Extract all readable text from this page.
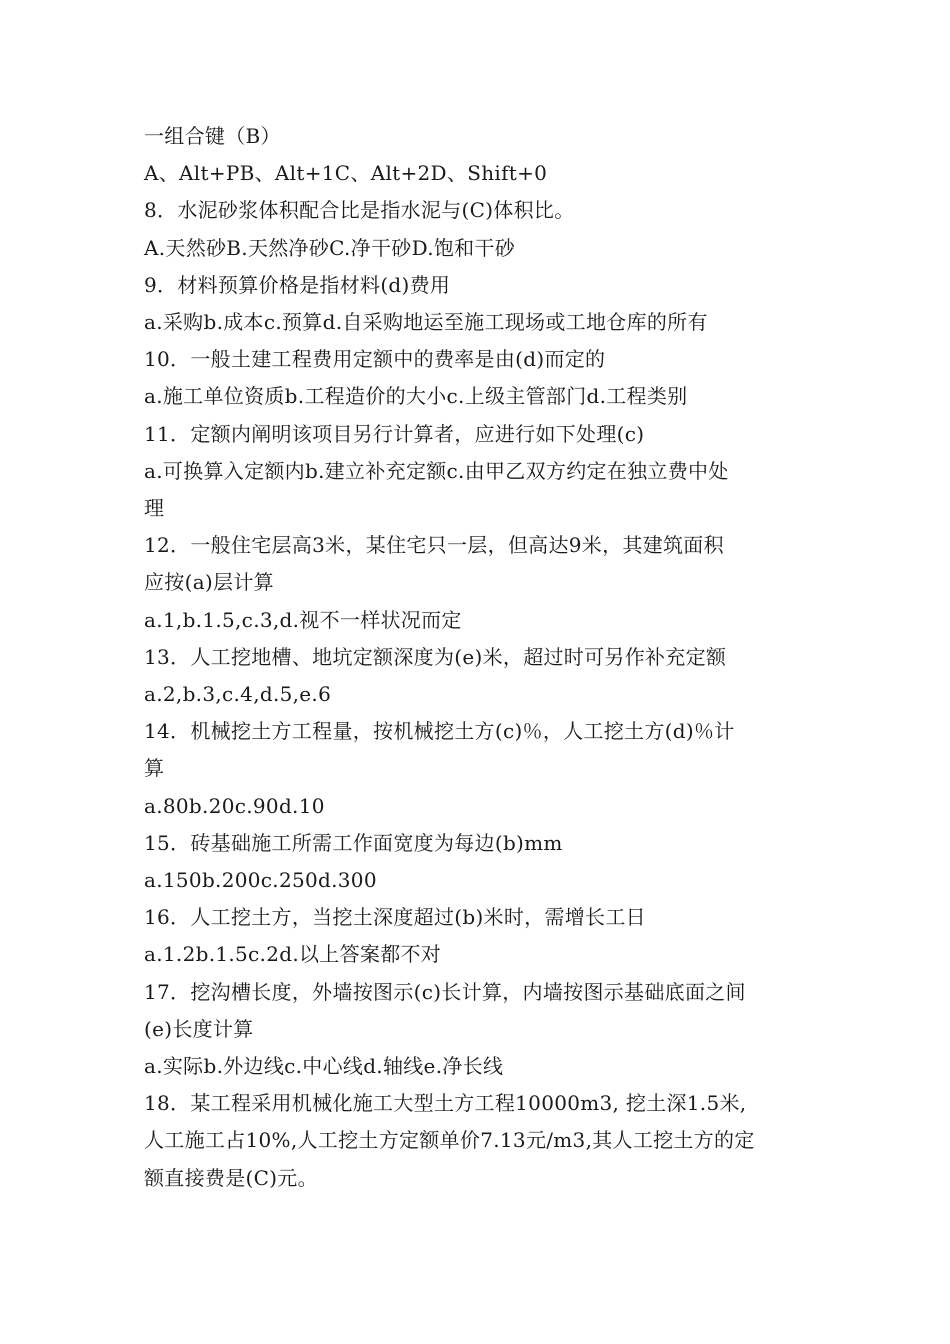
一组合键（B）

A、Alt+PB、Alt+1C、Alt+2D、Shift+0

8．水泥砂浆体积配合比是指水泥与(C)体积比。

A.天然砂B.天然净砂C.净干砂D.饱和干砂

9．材料预算价格是指材料(d)费用

a.采购b.成本c.预算d.自采购地运至施工现场或工地仓库的所有

10．一般土建工程费用定额中的费率是由(d)而定的

a.施工单位资质b.工程造价的大小c.上级主管部门d.工程类别

11．定额内阐明该项目另行计算者，应进行如下处理(c)

a.可换算入定额内b.建立补充定额c.由甲乙双方约定在独立费中处

理

12．一般住宅层高3米，某住宅只一层，但高达9米，其建筑面积

应按(a)层计算

a.1,b.1.5,c.3,d.视不一样状况而定

13．人工挖地槽、地坑定额深度为(e)米，超过时可另作补充定额

a.2,b.3,c.4,d.5,e.6

14．机械挖土方工程量，按机械挖土方(c)％，人工挖土方(d)％计

算

a.80b.20c.90d.10

15．砖基础施工所需工作面宽度为每边(b)mm

a.150b.200c.250d.300

16．人工挖土方，当挖土深度超过(b)米时，需增长工日

a.1.2b.1.5c.2d.以上答案都不对

17．挖沟槽长度，外墙按图示(c)长计算，内墙按图示基础底面之间

(e)长度计算

a.实际b.外边线c.中心线d.轴线e.净长线

18．某工程采用机械化施工大型土方工程10000m3, 挖土深1.5米,

人工施工占10%,人工挖土方定额单价7.13元/m3,其人工挖土方的定

额直接费是(C)元。
